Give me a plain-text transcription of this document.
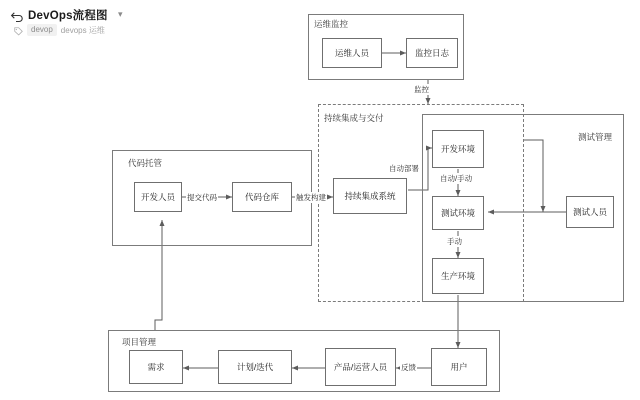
DevOps流程图 ▾
devop	devops 运维
运维监控
持续集成与交付
测试管理
代码托管
项目管理
运维人员	监控日志
开发人员	代码仓库	持续集成系统
开发环境
测试环境
生产环境
测试人员
需求	计划/迭代	产品/运营人员	用户
监控
提交代码	触发构建
自动部署
自动/手动
手动
反馈
